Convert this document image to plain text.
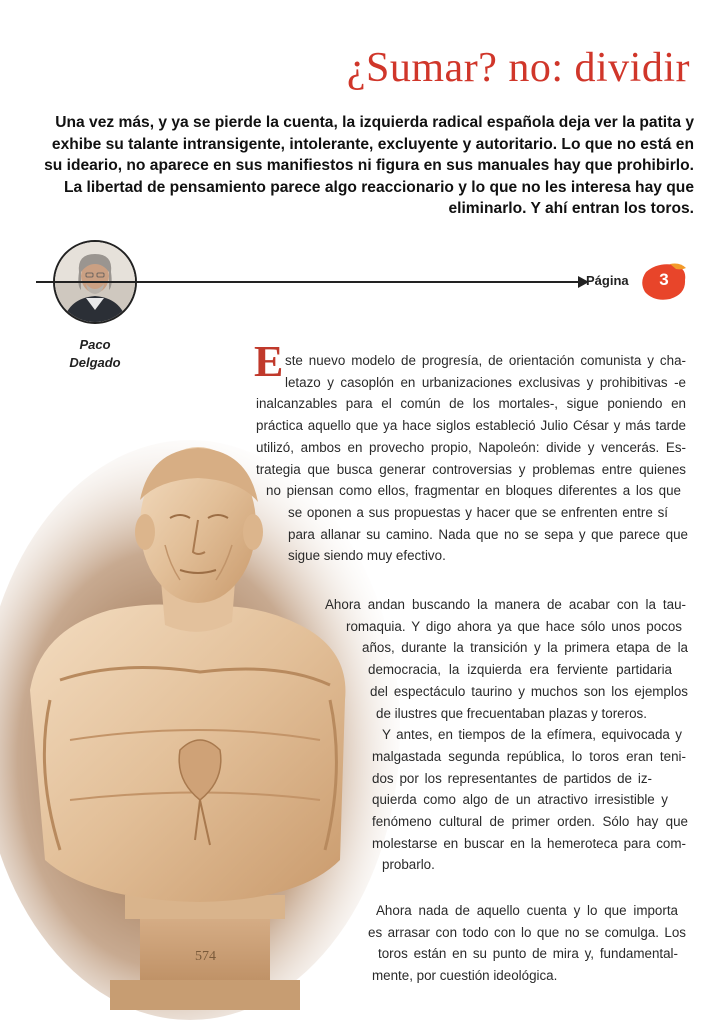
¿Sumar? no: dividir
Una vez más, y ya se pierde la cuenta, la izquierda radical española deja ver la patita y exhibe su talante intransigente, intolerante, excluyente y autoritario. Lo que no está en su ideario, no aparece en sus manifiestos ni figura en sus manuales hay que prohibirlo. La libertad de pensamiento parece algo reaccionario y lo que no les interesa hay que eliminarlo. Y ahí entran los toros.
Página	3
Paco
Delgado
574
E ste nuevo modelo de progresía, de orientación comunista y cha-
letazo y casoplón en urbanizaciones exclusivas y prohibitivas -e
inalcanzables para el común de los mortales-, sigue poniendo en
práctica aquello que ya hace siglos estableció Julio César y más tarde
utilizó, ambos en provecho propio, Napoleón: divide y vencerás. Es-
trategia que busca generar controversias y problemas entre quienes
no piensan como ellos, fragmentar en bloques diferentes a los que
se oponen a sus propuestas y hacer que se enfrenten entre sí
para allanar su camino. Nada que no se sepa y que parece que
sigue siendo muy efectivo.
Ahora andan buscando la manera de acabar con la tau-
romaquia. Y digo ahora ya que hace sólo unos pocos
años, durante la transición y la primera etapa de la
democracia, la izquierda era ferviente partidaria
del espectáculo taurino y muchos son los ejemplos
de ilustres que frecuentaban plazas y toreros.
Y antes, en tiempos de la efímera, equivocada y
malgastada segunda república, lo toros eran teni-
dos por los representantes de partidos de iz-
quierda como algo de un atractivo irresistible y
fenómeno cultural de primer orden. Sólo hay que
molestarse en buscar en la hemeroteca para com-
probarlo.
Ahora nada de aquello cuenta y lo que importa
es arrasar con todo con lo que no se comulga. Los
toros están en su punto de mira y, fundamental-
mente, por cuestión ideológica.
